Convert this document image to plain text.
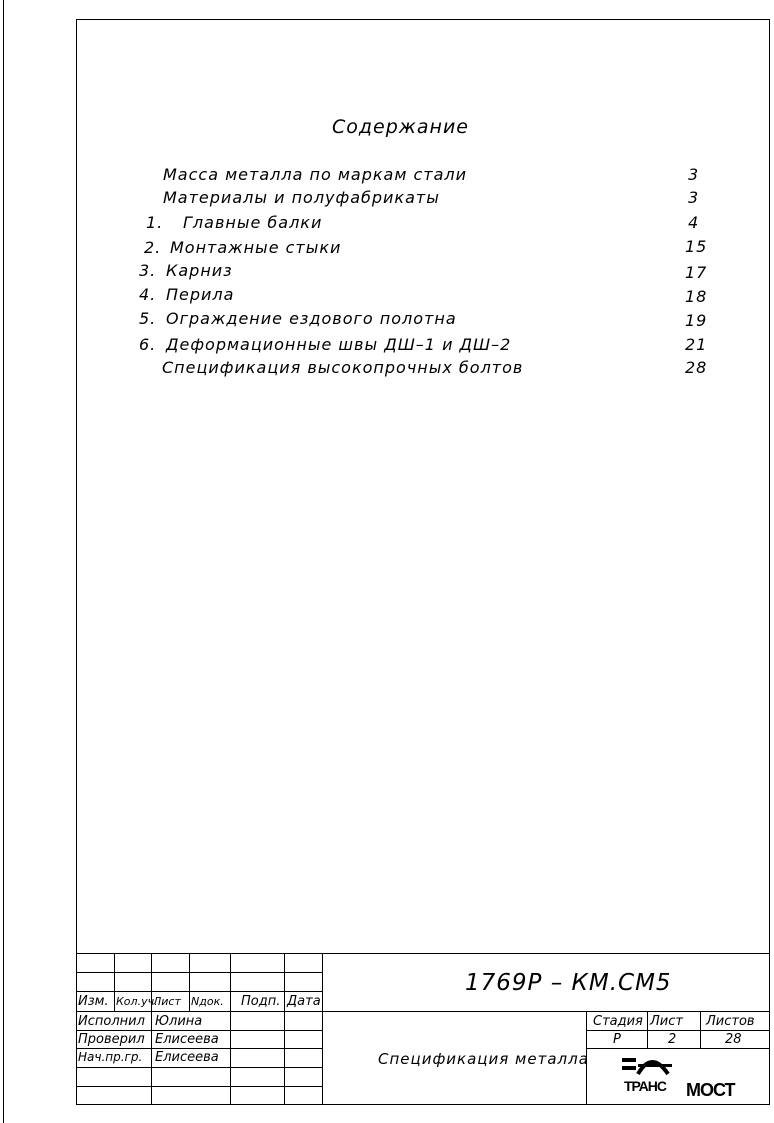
Содержание
Масса металла по маркам стали	3
Материалы и полуфабрикаты	3
1. Главные балки	4
2. Монтажные стыки	15
3. Карниз	17
4. Перила	18
5. Ограждение ездового полотна	19
6. Деформационные швы ДШ–1 и ДШ–2	21
Спецификация высокопрочных болтов	28
1769Р – КМ.СМ5
Изм. Кол.уч.
Лист Nдок. Подп. Дата
Исполнил Юлина
Проверил Елисеева
Нач.пр.гр. Елисеева	Спецификация металла
Стадия Лист Листов
Р	2	28
ТРАНС МОСТ
